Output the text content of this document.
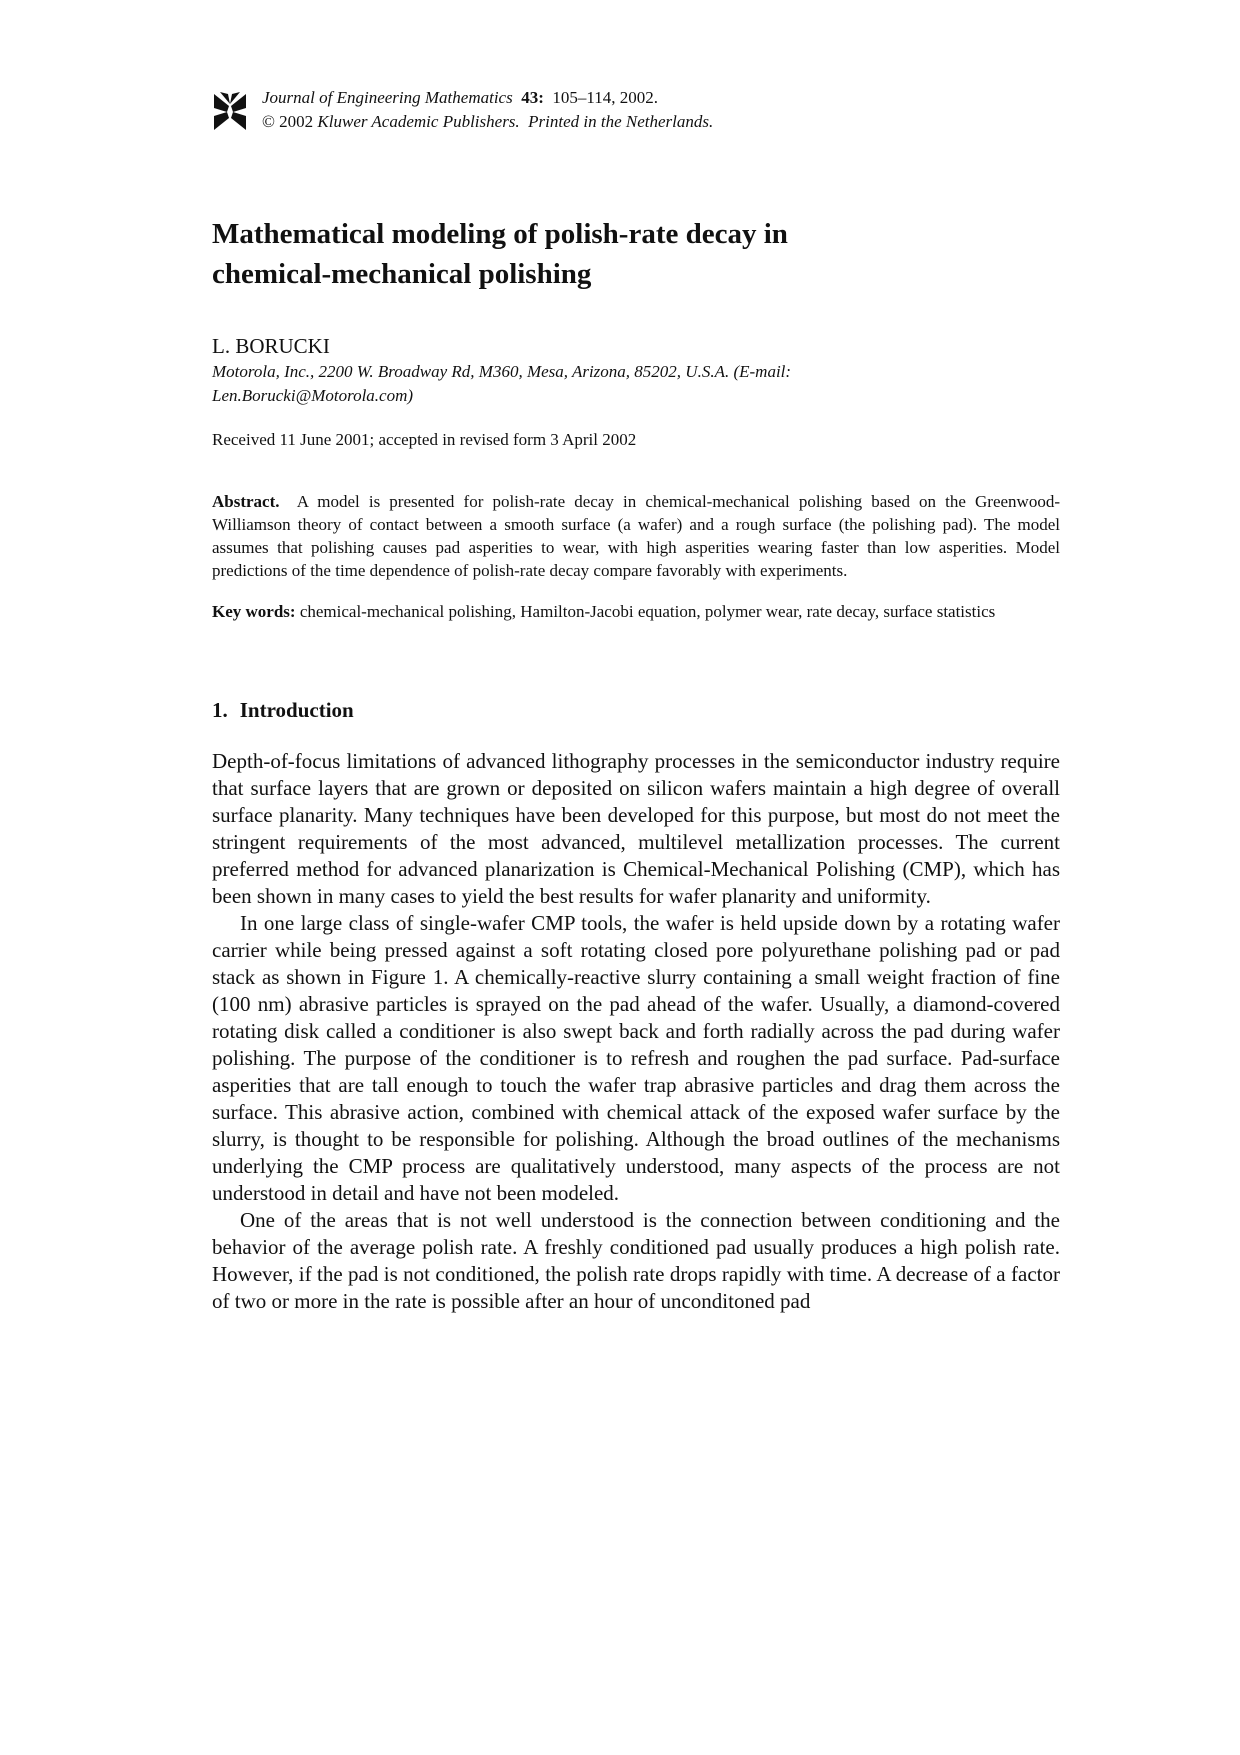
Journal of Engineering Mathematics 43: 105–114, 2002.
© 2002 Kluwer Academic Publishers. Printed in the Netherlands.
Mathematical modeling of polish-rate decay in
chemical-mechanical polishing
L. BORUCKI
Motorola, Inc., 2200 W. Broadway Rd, M360, Mesa, Arizona, 85202, U.S.A. (E-mail:
Len.Borucki@Motorola.com)
Received 11 June 2001; accepted in revised form 3 April 2002
Abstract. A model is presented for polish-rate decay in chemical-mechanical polishing based on the Greenwood-Williamson theory of contact between a smooth surface (a wafer) and a rough surface (the polishing pad). The model assumes that polishing causes pad asperities to wear, with high asperities wearing faster than low asperities. Model predictions of the time dependence of polish-rate decay compare favorably with experiments.
Key words: chemical-mechanical polishing, Hamilton-Jacobi equation, polymer wear, rate decay, surface statistics
1. Introduction

Depth-of-focus limitations of advanced lithography processes in the semiconductor industry require that surface layers that are grown or deposited on silicon wafers maintain a high degree of overall surface planarity. Many techniques have been developed for this purpose, but most do not meet the stringent requirements of the most advanced, multilevel metallization processes. The current preferred method for advanced planarization is Chemical-Mechanical Polishing (CMP), which has been shown in many cases to yield the best results for wafer planarity and uniformity.

In one large class of single-wafer CMP tools, the wafer is held upside down by a rotating wafer carrier while being pressed against a soft rotating closed pore polyurethane polishing pad or pad stack as shown in Figure 1. A chemically-reactive slurry containing a small weight fraction of fine (100 nm) abrasive particles is sprayed on the pad ahead of the wafer. Usually, a diamond-covered rotating disk called a conditioner is also swept back and forth radially across the pad during wafer polishing. The purpose of the conditioner is to refresh and roughen the pad surface. Pad-surface asperities that are tall enough to touch the wafer trap abrasive particles and drag them across the surface. This abrasive action, combined with chemical attack of the exposed wafer surface by the slurry, is thought to be responsible for polishing. Although the broad outlines of the mechanisms underlying the CMP process are qualitatively understood, many aspects of the process are not understood in detail and have not been modeled.

One of the areas that is not well understood is the connection between conditioning and the behavior of the average polish rate. A freshly conditioned pad usually produces a high polish rate. However, if the pad is not conditioned, the polish rate drops rapidly with time. A decrease of a factor of two or more in the rate is possible after an hour of unconditoned pad
